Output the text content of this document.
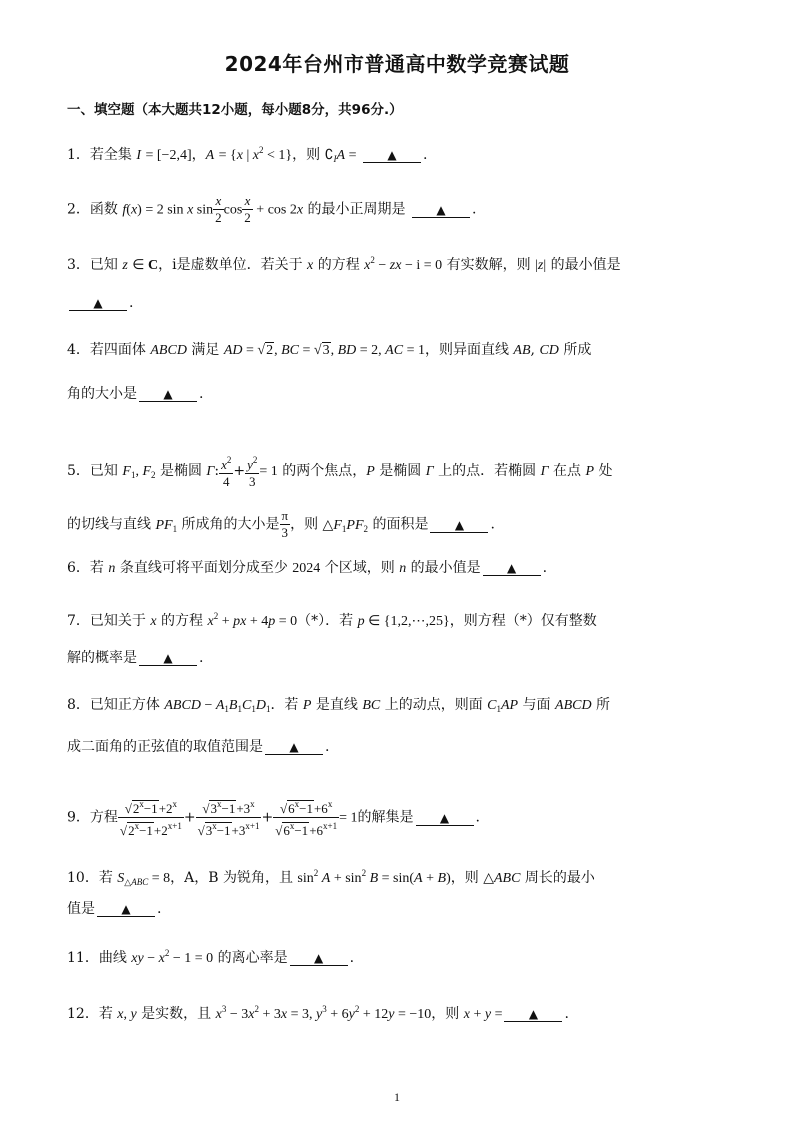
2024年台州市普通高中数学竞赛试题
一、填空题（本大题共12小题，每小题8分，共96分.）
1．若全集 I = [−2,4]，A = {x | $x^2 < 1$}，则 $∁_IA$ =	▲ .
2．函数 f(x) = 2 sin x $\sin \frac{x}{2}$ $\cos \frac{x}{2} + \cos 2x$ 的最小正周期是 ▲ .
3．已知 z ∈ C，i是虚数单位．若关于 x 的方程 $x^2$ − zx − i = 0 有实数解，则 |z| 的最小值是
▲ .
4．若四面体 ABCD 满足 AD = √2, BC = √3, BD = 2, AC = 1，则异面直线 AB, CD 所成
角的大小是 ▲ .
5．已知 $F_1$, $F_2$ 是椭圆 Γ: $\frac{x^2}{4} + \frac{y^2}{3} = 1$ 的两个焦点，P 是椭圆 Γ 上的点．若椭圆 Γ 在点 P 处
的切线与直线 $PF_1$ 所成角的大小是 $\frac{\pi}{3}$ ，则 $\triangle F_1PF_2$ 的面积是 ▲ .
6．若 n 条直线可将平面划分成至少 2024 个区域，则 n 的最小值是 ▲ .
7．已知关于 x 的方程 $x^2$ + px + 4p = 0（*）．若 p ∈ {1,2,⋯,25}，则方程（*）仅有整数
解的概率是 ▲ .
8．已知正方体 ABCD − $A_1B_1C_1D_1$．若 P 是直线 BC 上的动点，则面 $C_1AP$ 与面 ABCD 所
成二面角的正弦值的取值范围是 ▲ .
9．方程 $\frac{√2^x-1+2^x}{√2^x-1+2^{x+1}} + \frac{√3^x-1+3^x}{√3^x-1+3^{x+1}} + \frac{√6^x-1+6^x}{√6^x-1+6^{x+1}} = 1$的解集是 ▲ .
10．若 $S_{\triangle ABC} = 8$，A，B 为锐角，且 $\sin^2 A + \sin^2 B = \sin(A + B)$，则 △ABC 周长的最小
值是 ▲ .
11．曲线 xy − $x^2 - 1 = 0$ 的离心率是 ▲ .
12．若 x, y 是实数，且 $x^3 - 3x^2 + 3x = 3$, $y^3 + 6y^2 + 12y = -10$，则 x + y = ▲ .
1
